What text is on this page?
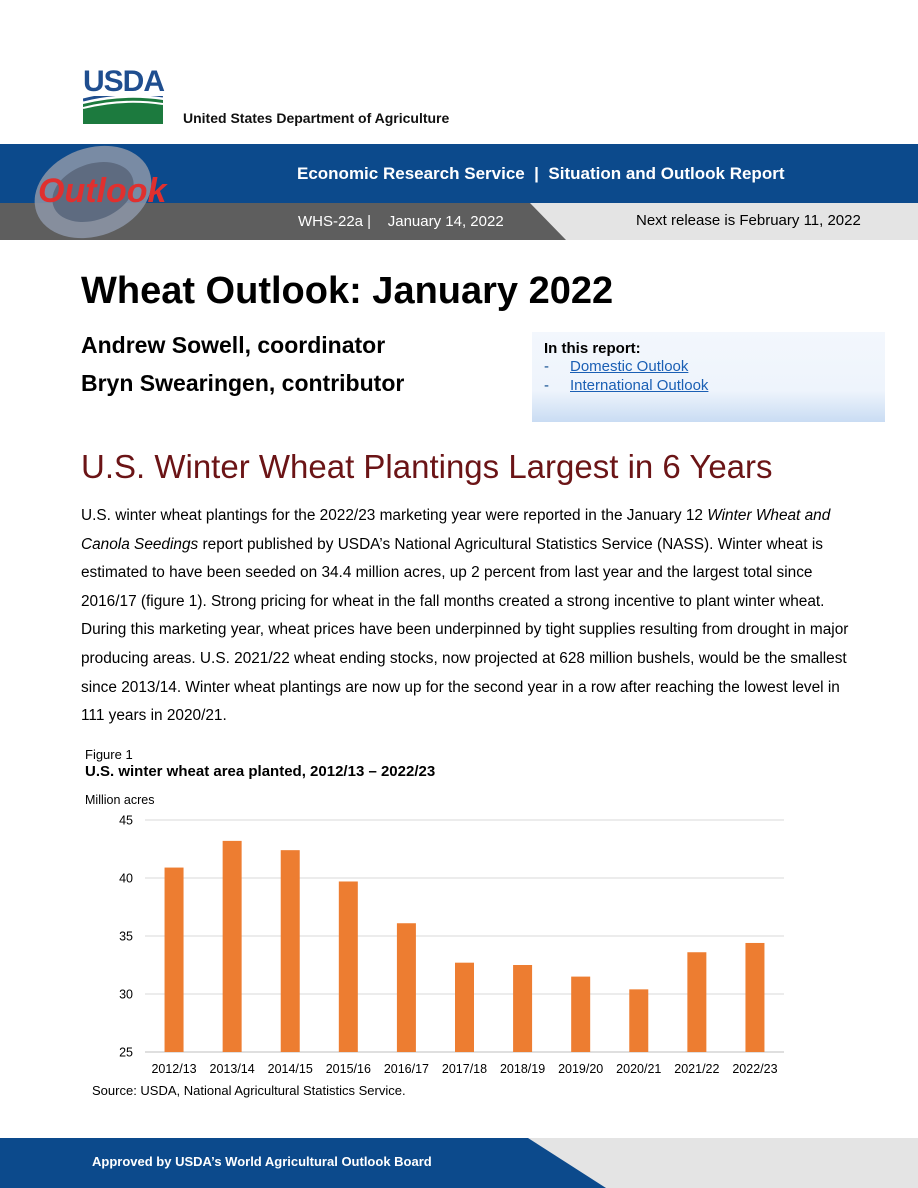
USDA
United States Department of Agriculture
Outlook	Economic Research Service  |  Situation and Outlook Report
WHS-22a |    January 14, 2022	Next release is February 11, 2022
Wheat Outlook: January 2022
Andrew Sowell, coordinator
Bryn Swearingen, contributor
In this report:
- Domestic Outlook
- International Outlook
U.S. Winter Wheat Plantings Largest in 6 Years

U.S. winter wheat plantings for the 2022/23 marketing year were reported in the January 12 Winter Wheat and Canola Seedings report published by USDA’s National Agricultural Statistics Service (NASS). Winter wheat is estimated to have been seeded on 34.4 million acres, up 2 percent from last year and the largest total since 2016/17 (figure 1). Strong pricing for wheat in the fall months created a strong incentive to plant winter wheat. During this marketing year, wheat prices have been underpinned by tight supplies resulting from drought in major producing areas. U.S. 2021/22 wheat ending stocks, now projected at 628 million bushels, would be the smallest since 2013/14. Winter wheat plantings are now up for the second year in a row after reaching the lowest level in 111 years in 2020/21.

Figure 1
U.S. winter wheat area planted, 2012/13 – 2022/23
Million acres
25
30
35
40
45
2012/13 2013/14 2014/15 2015/16 2016/17 2017/18 2018/19 2019/20 2020/21 2021/22 2022/23
Source: USDA, National Agricultural Statistics Service.
Approved by USDA’s World Agricultural Outlook Board
